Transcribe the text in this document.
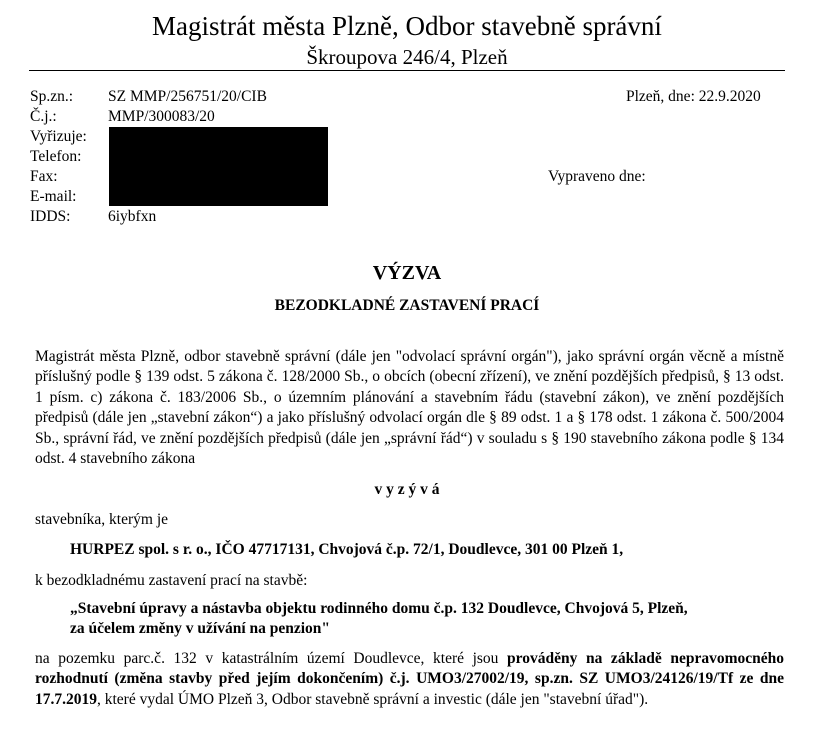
Magistrát města Plzně, Odbor stavebně správní
Škroupova 246/4, Plzeň
Sp.zn.: SZ MMP/256751/20/CIB	Plzeň, dne: 22.9.2020
Č.j.:	MMP/300083/20
Vyřizuje:
Telefon:
Fax:
E-mail:
Vypraveno dne:
IDDS: 6iybfxn
VÝZVA
BEZODKLADNÉ ZASTAVENÍ PRACÍ
Magistrát města Plzně, odbor stavebně správní (dále jen "odvolací správní orgán"), jako správní orgán věcně a místně příslušný podle § 139 odst. 5 zákona č. 128/2000 Sb., o obcích (obecní zřízení), ve znění pozdějších předpisů, § 13 odst. 1 písm. c) zákona č. 183/2006 Sb., o územním plánování a stavebním řádu (stavební zákon), ve znění pozdějších předpisů (dále jen „stavební zákon“) a jako příslušný odvolací orgán dle § 89 odst. 1 a § 178 odst. 1 zákona č. 500/2004 Sb., správní řád, ve znění pozdějších předpisů (dále jen „správní řád“) v souladu s § 190 stavebního zákona podle § 134 odst. 4 stavebního zákona
v y z ý v á
stavebníka, kterým je
HURPEZ spol. s r. o., IČO 47717131, Chvojová č.p. 72/1, Doudlevce, 301 00 Plzeň 1,
k bezodkladnému zastavení prací na stavbě:
„Stavební úpravy a nástavba objektu rodinného domu č.p. 132 Doudlevce, Chvojová 5, Plzeň,
za účelem změny v užívání na penzion"
na pozemku parc.č. 132 v katastrálním území Doudlevce, které jsou prováděny na základě nepravomocného rozhodnutí (změna stavby před jejím dokončením) č.j. UMO3/27002/19, sp.zn. SZ UMO3/24126/19/Tf ze dne 17.7.2019, které vydal ÚMO Plzeň 3, Odbor stavebně správní a investic (dále jen "stavební úřad").
